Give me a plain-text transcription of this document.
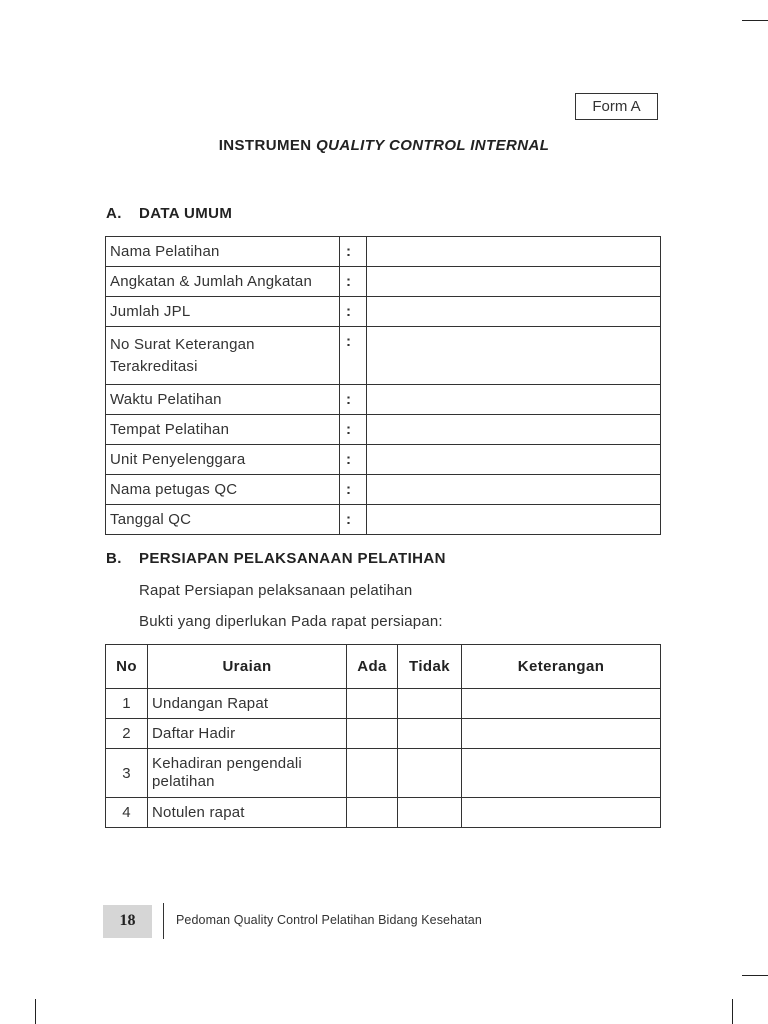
Form A
INSTRUMEN QUALITY CONTROL INTERNAL
A. DATA UMUM
Nama Pelatihan	:	
Angkatan & Jumlah Angkatan	:	
Jumlah JPL	:	
No Surat Keterangan
Terakreditasi	:	
Waktu Pelatihan	:	
Tempat Pelatihan	:	
Unit Penyelenggara	:	
Nama petugas QC	:	
Tanggal QC	:	
B. PERSIAPAN PELAKSANAAN PELATIHAN
Rapat Persiapan pelaksanaan pelatihan
Bukti yang diperlukan Pada rapat persiapan:
No	Uraian	Ada	Tidak	Keterangan
1	Undangan Rapat			
2	Daftar Hadir			
3	Kehadiran pengendali
pelatihan			

4	Notulen rapat			
18	Pedoman Quality Control Pelatihan Bidang Kesehatan
